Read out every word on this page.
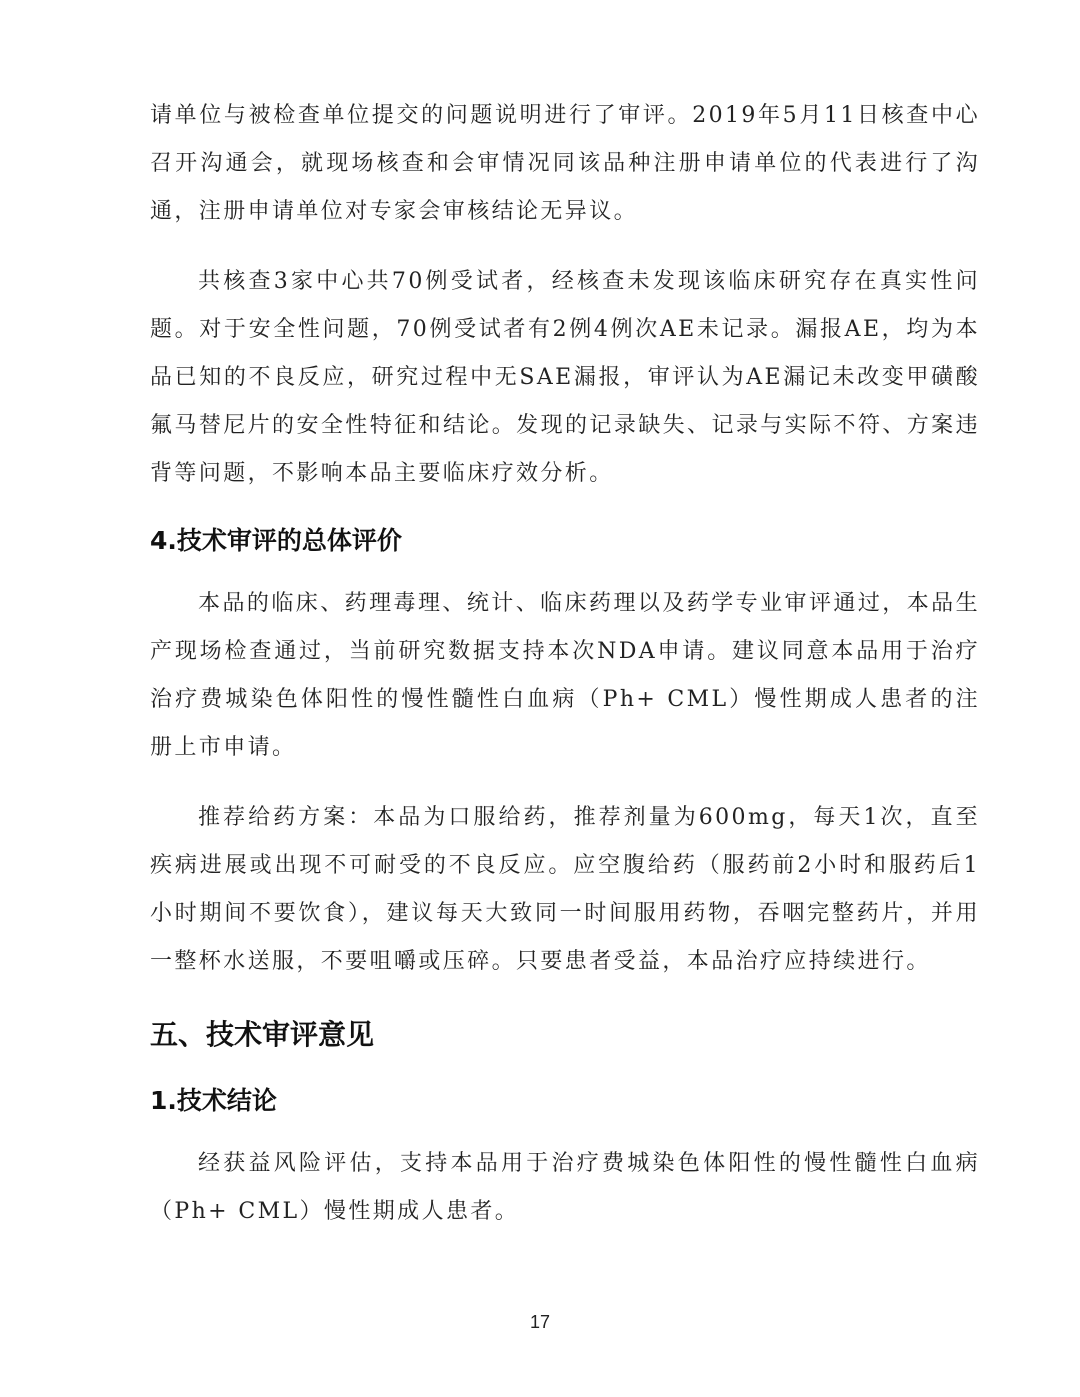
请单位与被检查单位提交的问题说明进行了审评。2019年5月11日核查中心召开沟通会，就现场核查和会审情况同该品种注册申请单位的代表进行了沟通，注册申请单位对专家会审核结论无异议。

共核查3家中心共70例受试者，经核查未发现该临床研究存在真实性问题。对于安全性问题，70例受试者有2例4例次AE未记录。漏报AE，均为本品已知的不良反应，研究过程中无SAE漏报，审评认为AE漏记未改变甲磺酸氟马替尼片的安全性特征和结论。发现的记录缺失、记录与实际不符、方案违背等问题，不影响本品主要临床疗效分析。

4.技术审评的总体评价

本品的临床、药理毒理、统计、临床药理以及药学专业审评通过，本品生产现场检查通过，当前研究数据支持本次NDA申请。建议同意本品用于治疗治疗费城染色体阳性的慢性髓性白血病（Ph+ CML）慢性期成人患者的注册上市申请。

推荐给药方案：本品为口服给药，推荐剂量为600mg，每天1次，直至疾病进展或出现不可耐受的不良反应。应空腹给药（服药前2小时和服药后1小时期间不要饮食），建议每天大致同一时间服用药物，吞咽完整药片，并用一整杯水送服，不要咀嚼或压碎。只要患者受益，本品治疗应持续进行。

五、技术审评意见
1.技术结论

经获益风险评估，支持本品用于治疗费城染色体阳性的慢性髓性白血病（Ph+ CML）慢性期成人患者。

17
